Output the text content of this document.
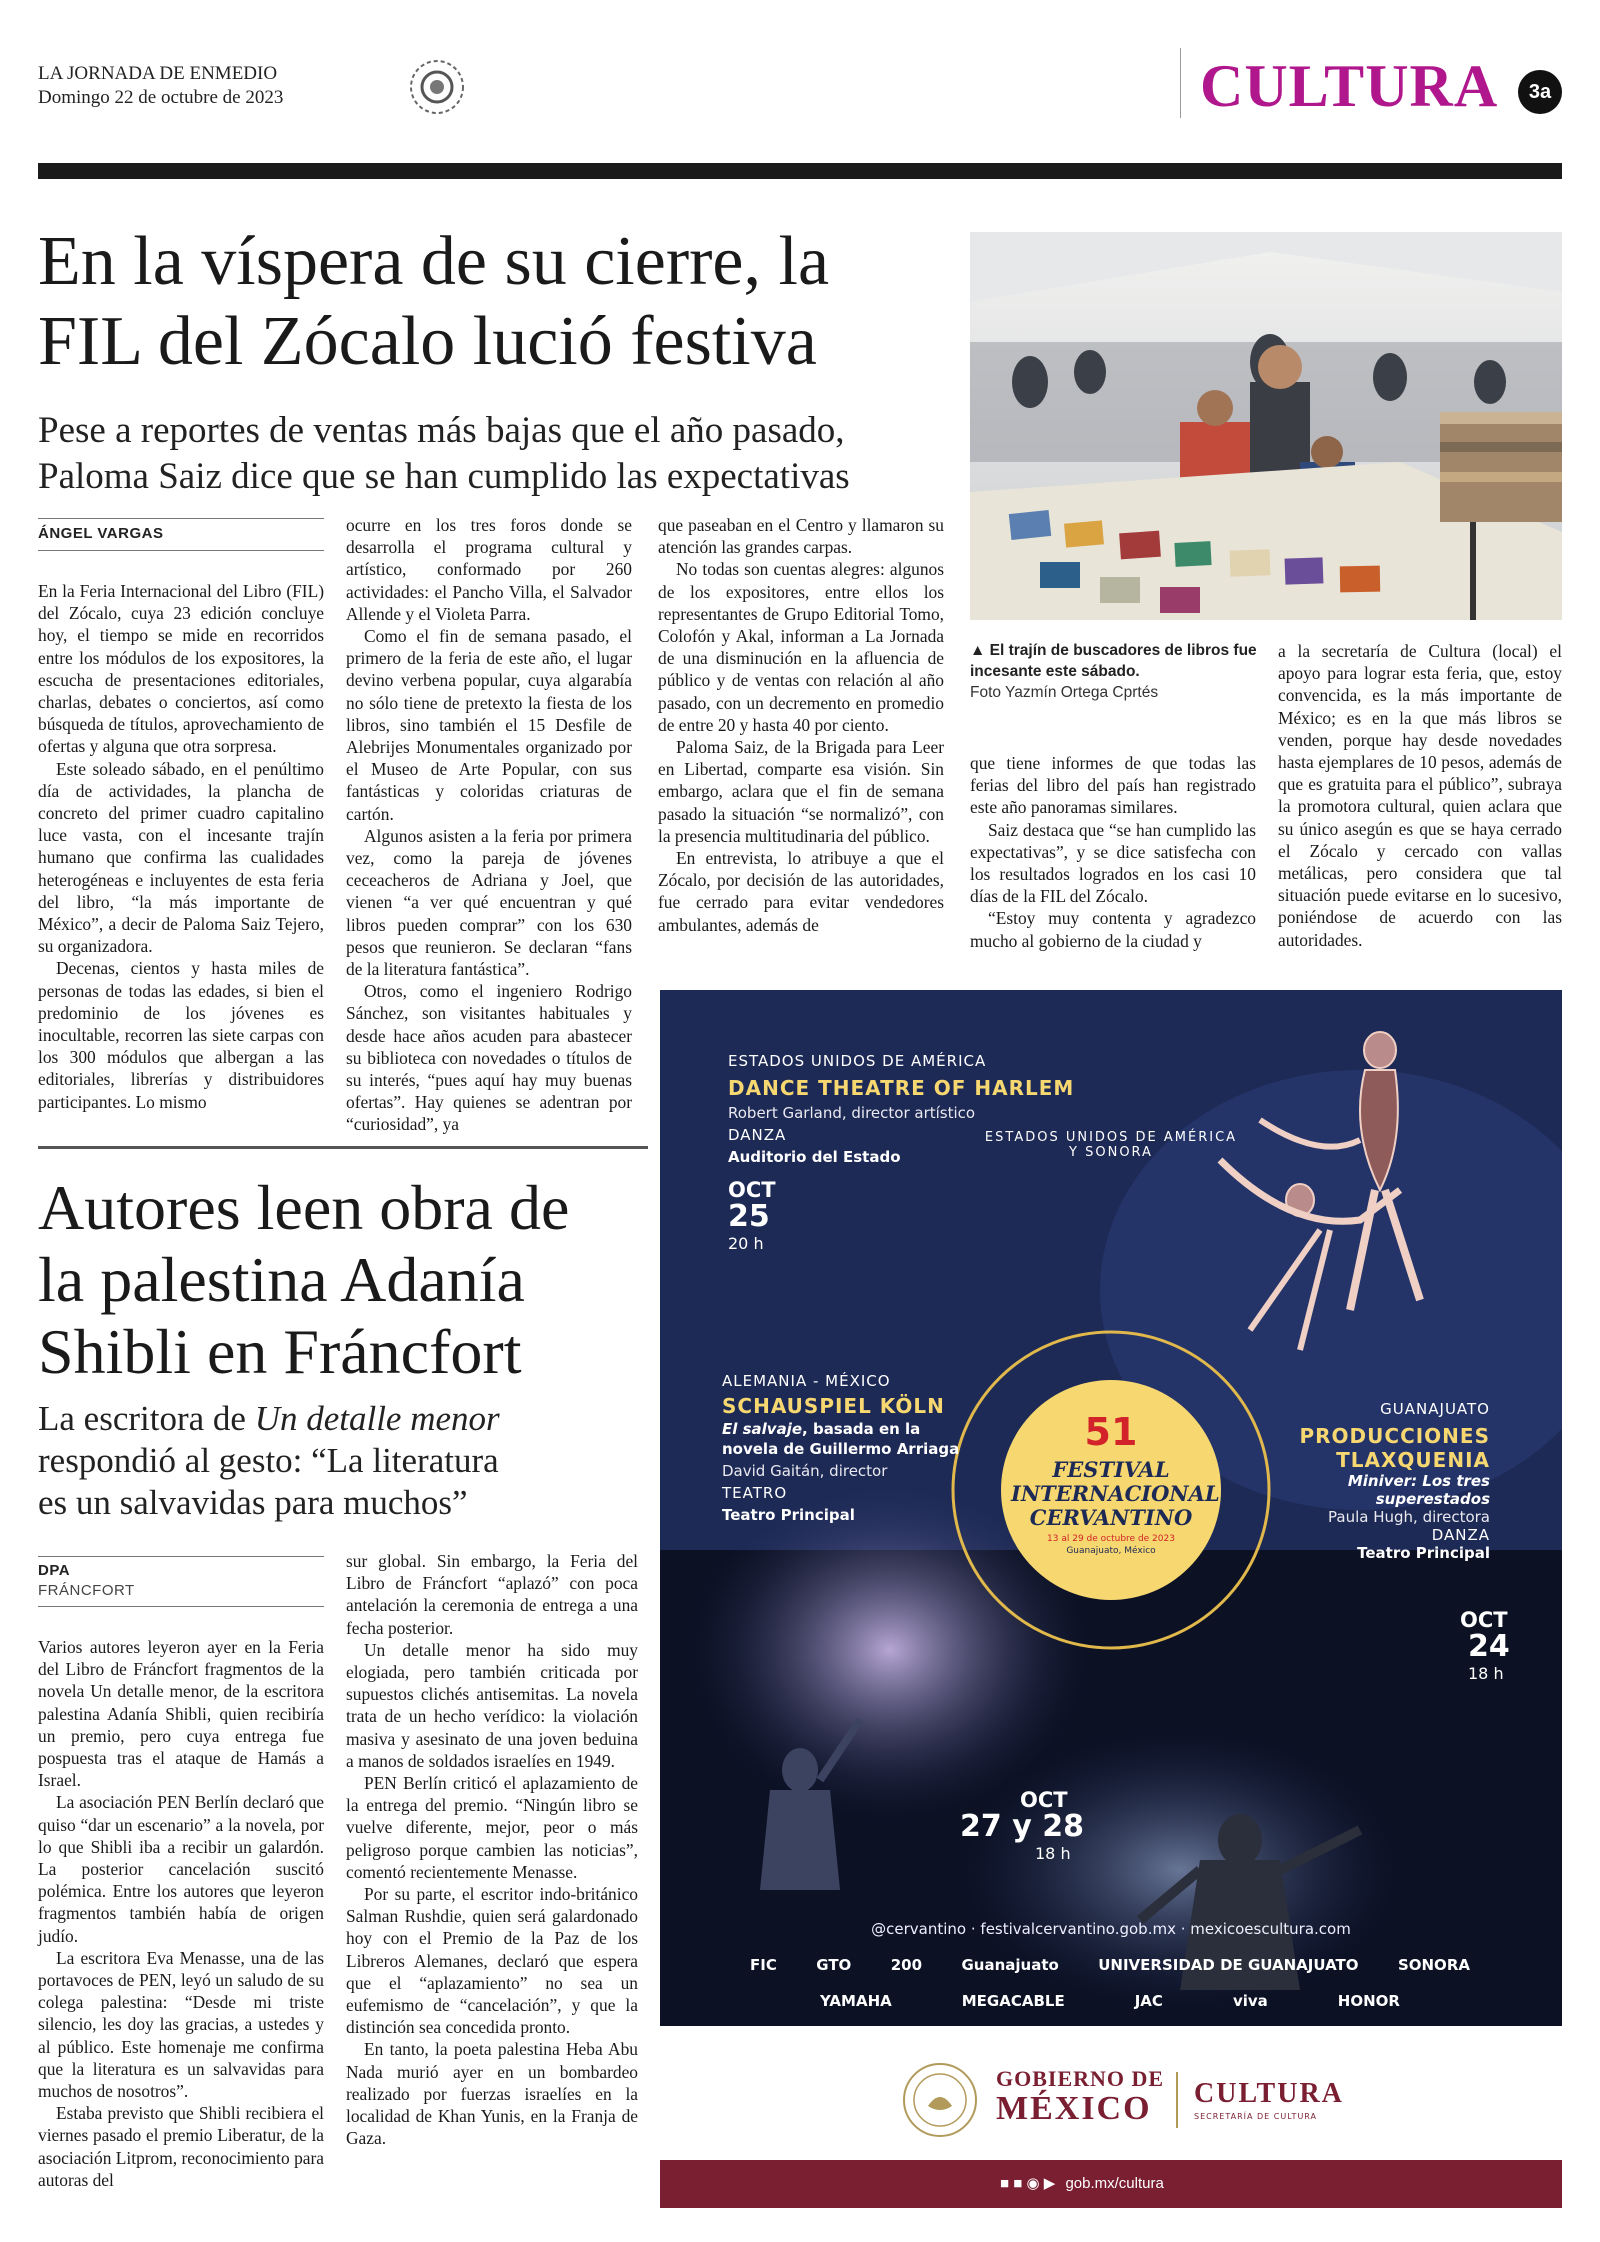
LA JORNADA DE ENMEDIO
Domingo 22 de octubre de 2023	CULTURA	3a
En la víspera de su cierre, la
FIL del Zócalo lució festiva
Pese a reportes de ventas más bajas que el año pasado,
Paloma Saiz dice que se han cumplido las expectativas
ÁNGEL VARGAS

En la Feria Internacional del Libro (FIL) del Zócalo, cuya 23 edición concluye hoy, el tiempo se mide en recorridos entre los módulos de los expositores, la escucha de presentaciones editoriales, charlas, debates o conciertos, así como búsqueda de títulos, aprovechamiento de ofertas y alguna que otra sorpresa.

Este soleado sábado, en el penúltimo día de actividades, la plancha de concreto del primer cuadro capitalino luce vasta, con el incesante trajín humano que confirma las cualidades heterogéneas e incluyentes de esta feria del libro, “la más importante de México”, a decir de Paloma Saiz Tejero, su organizadora.

Decenas, cientos y hasta miles de personas de todas las edades, si bien el predominio de los jóvenes es inocultable, recorren las siete carpas con los 300 módulos que albergan a las editoriales, librerías y distribuidores participantes. Lo mismo

ocurre en los tres foros donde se desarrolla el programa cultural y artístico, conformado por 260 actividades: el Pancho Villa, el Salvador Allende y el Violeta Parra.

Como el fin de semana pasado, el primero de la feria de este año, el lugar devino verbena popular, cuya algarabía no sólo tiene de pretexto la fiesta de los libros, sino también el 15 Desfile de Alebrijes Monumentales organizado por el Museo de Arte Popular, con sus fantásticas y coloridas criaturas de cartón.

Algunos asisten a la feria por primera vez, como la pareja de jóvenes ceceacheros de Adriana y Joel, que vienen “a ver qué encuentran y qué libros pueden comprar” con los 630 pesos que reunieron. Se declaran “fans de la literatura fantástica”.

Otros, como el ingeniero Rodrigo Sánchez, son visitantes habituales y desde hace años acuden para abastecer su biblioteca con novedades o títulos de su interés, “pues aquí hay muy buenas ofertas”. Hay quienes se adentran por “curiosidad”, ya

que paseaban en el Centro y llamaron su atención las grandes carpas.

No todas son cuentas alegres: algunos de los expositores, entre ellos los representantes de Grupo Editorial Tomo, Colofón y Akal, informan a La Jornada de una disminución en la afluencia de público y de ventas con relación al año pasado, con un decremento en promedio de entre 20 y hasta 40 por ciento.

Paloma Saiz, de la Brigada para Leer en Libertad, comparte esa visión. Sin embargo, aclara que el fin de semana pasado la situación “se normalizó”, con la presencia multitudinaria del público.

En entrevista, lo atribuye a que el Zócalo, por decisión de las autoridades, fue cerrado para evitar vendedores ambulantes, además de

que tiene informes de que todas las ferias del libro del país han registrado este año panoramas similares.

Saiz destaca que “se han cumplido las expectativas”, y se dice satisfecha con los resultados logrados en los casi 10 días de la FIL del Zócalo.

“Estoy muy contenta y agradezco mucho al gobierno de la ciudad y

a la secretaría de Cultura (local) el apoyo para lograr esta feria, que, estoy convencida, es la más importante de México; es en la que más libros se venden, porque hay desde novedades hasta ejemplares de 10 pesos, además de que es gratuita para el público”, subraya la promotora cultural, quien aclara que su único asegún es que se haya cerrado el Zócalo y cercado con vallas metálicas, pero considera que tal situación puede evitarse en lo sucesivo, poniéndose de acuerdo con las autoridades.

▲ El trajín de buscadores de libros fue incesante este sábado.
Foto Yazmín Ortega Cprtés
Autores leen obra de
la palestina Adanía
Shibli en Fráncfort
La escritora de Un detalle menor
respondió al gesto: “La literatura
es un salvavidas para muchos”
DPA
FRÁNCFORT

Varios autores leyeron ayer en la Feria del Libro de Fráncfort fragmentos de la novela Un detalle menor, de la escritora palestina Adanía Shibli, quien recibiría un premio, pero cuya entrega fue pospuesta tras el ataque de Hamás a Israel.

La asociación PEN Berlín declaró que quiso “dar un escenario” a la novela, por lo que Shibli iba a recibir un galardón. La posterior cancelación suscitó polémica. Entre los autores que leyeron fragmentos también había de origen judío.

La escritora Eva Menasse, una de las portavoces de PEN, leyó un saludo de su colega palestina: “Desde mi triste silencio, les doy las gracias, a ustedes y al público. Este homenaje me confirma que la literatura es un salvavidas para muchos de nosotros”.

Estaba previsto que Shibli recibiera el viernes pasado el premio Liberatur, de la asociación Litprom, reconocimiento para autoras del

sur global. Sin embargo, la Feria del Libro de Fráncfort “aplazó” con poca antelación la ceremonia de entrega a una fecha posterior.

Un detalle menor ha sido muy elogiada, pero también criticada por supuestos clichés antisemitas. La novela trata de un hecho verídico: la violación masiva y asesinato de una joven beduina a manos de soldados israelíes en 1949.

PEN Berlín criticó el aplazamiento de la entrega del premio. “Ningún libro se vuelve diferente, mejor, peor o más peligroso porque cambien las noticias”, comentó recientemente Menasse.

Por su parte, el escritor indo-británico Salman Rushdie, quien será galardonado hoy con el Premio de la Paz de los Libreros Alemanes, declaró que espera que el “aplazamiento” no sea un eufemismo de “cancelación”, y que la distinción sea concedida pronto.

En tanto, la poeta palestina Heba Abu Nada murió ayer en un bombardeo realizado por fuerzas israelíes en la localidad de Khan Yunis, en la Franja de Gaza.

ESTADOS UNIDOS DE AMÉRICA
DANCE THEATRE OF HARLEM
Robert Garland, director artístico
DANZA
Auditorio del Estado
OCT
25
20 h
ESTADOS UNIDOS DE AMÉRICA Y SONORA
51
FESTIVAL
INTERNACIONAL
CERVANTINO
13 al 29 de octubre de 2023
Guanajuato, México
ALEMANIA - MÉXICO
SCHAUSPIEL KÖLN
El salvaje, basada en la
novela de Guillermo Arriaga
David Gaitán, director
TEATRO
Teatro Principal
OCT
27 y 28
18 h
GUANAJUATO
PRODUCCIONES
TLAXQUENIA
Miniver: Los tres
superestados
Paula Hugh, directora
DANZA
Teatro Principal
OCT
24
18 h
@cervantino · festivalcervantino.gob.mx · mexicoescultura.com
FIC	GTO	200	Guanajuato	UNIVERSIDAD DE GUANAJUATO	SONORA
YAMAHA	MEGACABLE	JAC	viva	HONOR
GOBIERNO DE
MÉXICO CULTURA
SECRETARÍA DE CULTURA
■ ■ ◉ ▶ gob.mx/cultura
